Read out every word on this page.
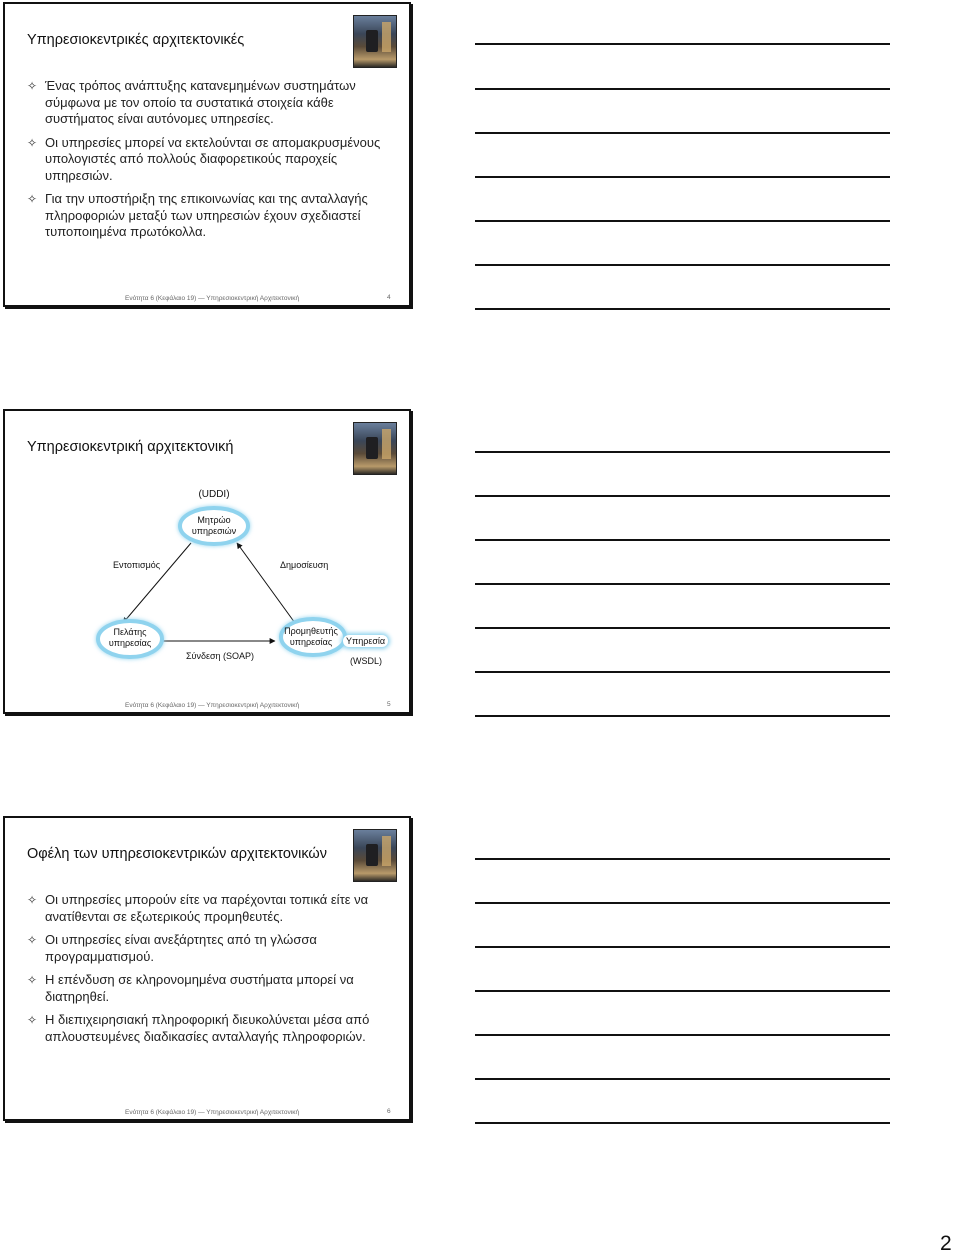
Υπηρεσιοκεντρικές αρχιτεκτονικές
✧ Ένας τρόπος ανάπτυξης κατανεμημένων συστημάτων σύμφωνα με τον οποίο τα συστατικά στοιχεία κάθε συστήματος είναι αυτόνομες υπηρεσίες.
✧ Οι υπηρεσίες μπορεί να εκτελούνται σε απομακρυσμένους υπολογιστές από πολλούς διαφορετικούς παροχείς υπηρεσιών.
✧ Για την υποστήριξη της επικοινωνίας και της ανταλλαγής πληροφοριών μεταξύ των υπηρεσιών έχουν σχεδιαστεί τυποποιημένα πρωτόκολλα.
Ενότητα 6 (Κεφάλαιο 19) — Υπηρεσιοκεντρική Αρχιτεκτονική	4
Υπηρεσιοκεντρική αρχιτεκτονική
(UDDI)
Μητρώο
υπηρεσιών
Εντοπισμός	Δημοσίευση
Πελάτης
υπηρεσίας
Προμηθευτής
υπηρεσίας
Σύνδεση (SOAP)	(WSDL)
Υπηρεσία
Ενότητα 6 (Κεφάλαιο 19) — Υπηρεσιοκεντρική Αρχιτεκτονική	5
Οφέλη των υπηρεσιοκεντρικών αρχιτεκτονικών
✧ Οι υπηρεσίες μπορούν είτε να παρέχονται τοπικά είτε να ανατίθενται σε εξωτερικούς προμηθευτές.
✧ Οι υπηρεσίες είναι ανεξάρτητες από τη γλώσσα προγραμματισμού.
✧ Η επένδυση σε κληρονομημένα συστήματα μπορεί να διατηρηθεί.
✧ Η διεπιχειρησιακή πληροφορική διευκολύνεται μέσα από απλουστευμένες διαδικασίες ανταλλαγής πληροφοριών.
Ενότητα 6 (Κεφάλαιο 19) — Υπηρεσιοκεντρική Αρχιτεκτονική	6
2
